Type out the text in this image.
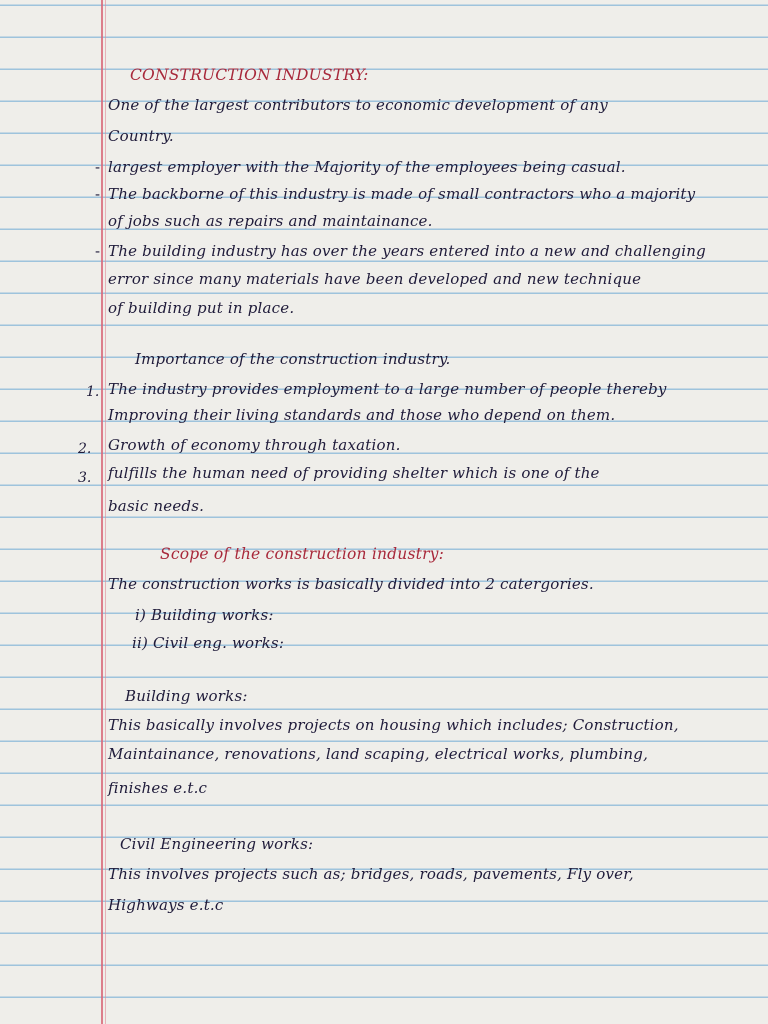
CONSTRUCTION INDUSTRY:
One of the largest contributors to economic development of any
Country.
- largest employer with the Majority of the employees being casual.
- The backborne of this industry is made of small contractors who a majority
of jobs such as repairs and maintainance.
- The building industry has over the years entered into a new and challenging
error since many materials have been developed and new technique
of building put in place.
Importance of the construction industry.
1. The industry provides employment to a large number of people thereby
Improving their living standards and those who depend on them.
2. Growth of economy through taxation.
3. fulfills the human need of providing shelter which is one of the
basic needs.
Scope of the construction industry:
The construction works is basically divided into 2 catergories.
i) Building works:
ii) Civil eng. works:
Building works:
This basically involves projects on housing which includes; Construction,
Maintainance, renovations, land scaping, electrical works, plumbing,
finishes e.t.c
Civil Engineering works:
This involves projects such as; bridges, roads, pavements, Fly over,
Highways e.t.c
